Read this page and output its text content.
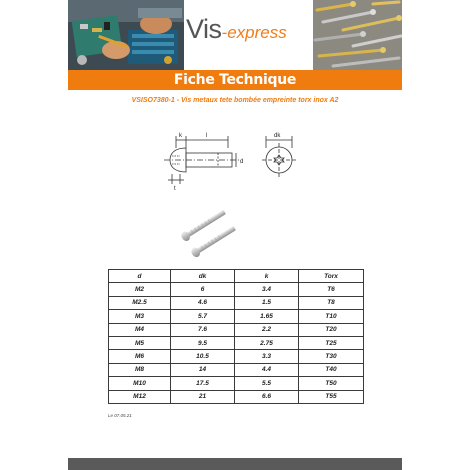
Vis-express
Fiche Technique
VSISO7380-1 - Vis metaux tete bombée empreinte torx inox A2
k	l	dk
d
t
d	dk	k	Torx
M2	6	3.4	T6
M2.5	4.6	1.5	T8
M3	5.7	1.65	T10
M4	7.6	2.2	T20
M5	9.5	2.75	T25
M6	10.5	3.3	T30
M8	14	4.4	T40
M10	17.5	5.5	T50
M12	21	6.6	T55
Le 07.05.21
